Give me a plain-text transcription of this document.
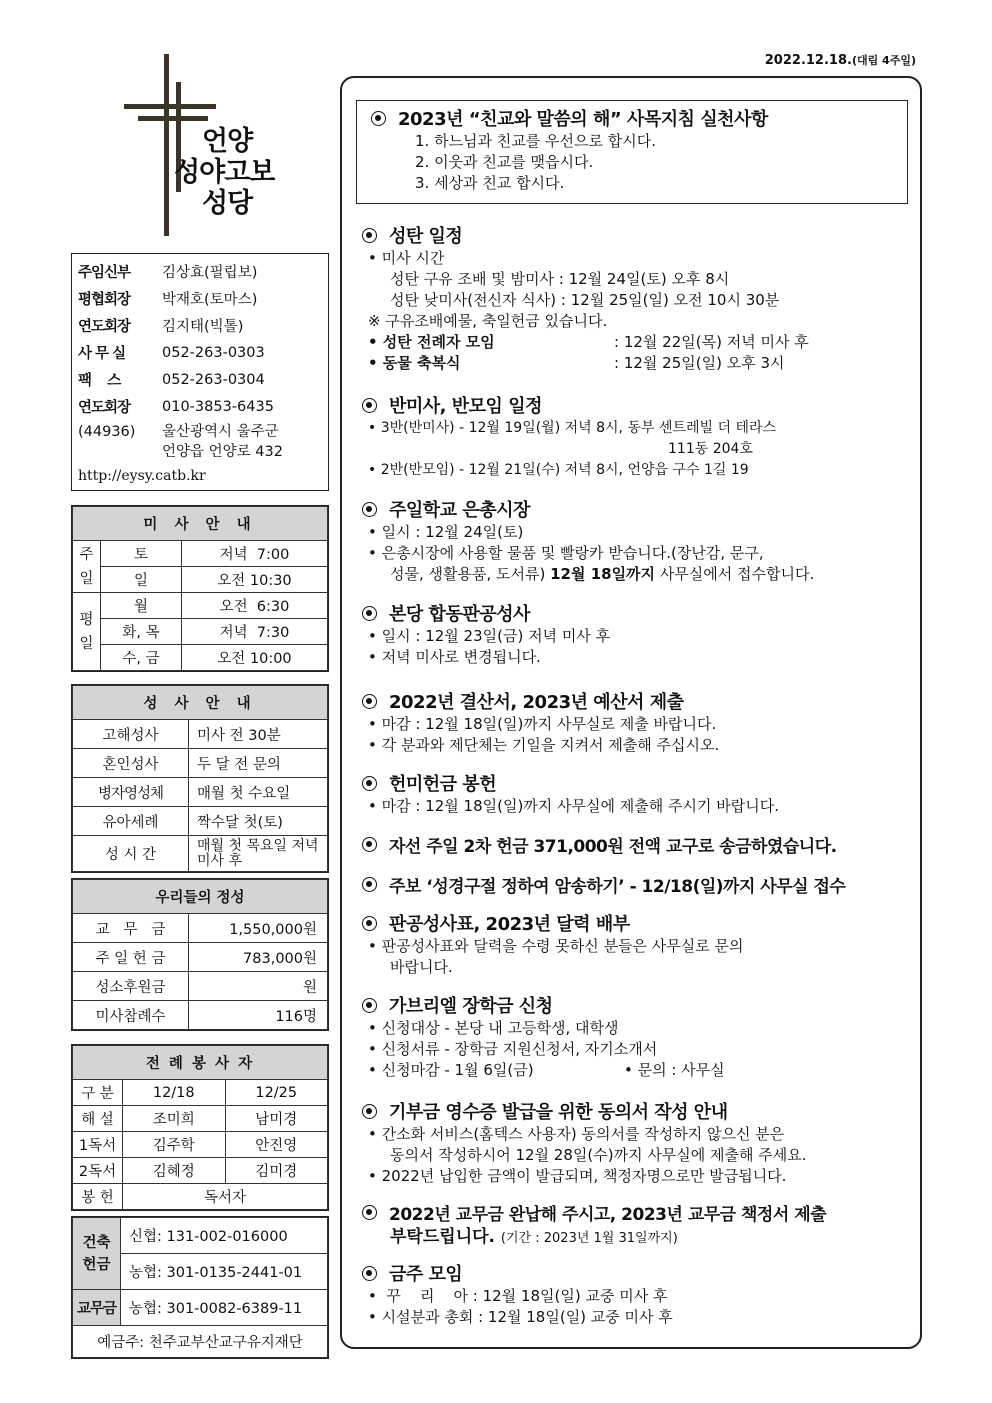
2022.12.18.(대림 4주일)
언양
성야고보
성당
주임신부	김상효(필립보)
평협회장	박재호(토마스)
연도회장	김지태(빅톨)
사 무 실	052-263-0303
팩    스	052-263-0304
연도회장	010-3853-6435
(44936)	울산광역시 울주군
언양읍 언양로 432
http://eysy.catb.kr
미 사 안 내		
주일	토	저녁  7:00
	일	오전 10:30
평일	월	오전  6:30
	화, 목	저녁  7:30
	수, 금	오전 10:00
성 사 안 내	
고해성사	미사 전 30분
혼인성사	두 달 전 문의
병자영성체	매월 첫 수요일
유아세례	짝수달 첫(토)
성 시 간	매월 첫 목요일 저녁미사 후
우리들의 정성	
교   무   금	1,550,000원
주 일 헌 금	783,000원
성소후원금	원
미사참례수	116명
전 례 봉 사 자		
구 분	12/18	12/25
해 설	조미희	남미경
1독서	김주학	안진영
2독서	김혜정	김미경
봉 헌	독서자	
건축헌금	신협: 131-002-016000
	농협: 301-0135-2441-01
교무금	농협: 301-0082-6389-11
예금주: 천주교부산교구유지재단	
2023년 “친교와 말씀의 해” 사목지침 실천사항
1. 하느님과 친교를 우선으로 합시다.
2. 이웃과 친교를 맺읍시다.
3. 세상과 친교 합시다.
성탄 일정
• 미사 시간
성탄 구유 조배 및 밤미사 : 12월 24일(토) 오후 8시
성탄 낮미사(전신자 식사) : 12월 25일(일) 오전 10시 30분
※ 구유조배예물, 축일헌금 있습니다.
• 성탄 전례자 모임	: 12월 22일(목) 저녁 미사 후
• 동물 축복식	: 12월 25일(일) 오후 3시
반미사, 반모임 일정
• 3반(반미사) - 12월 19일(월) 저녁 8시, 동부 센트레빌 더 테라스
111동 204호
• 2반(반모임) - 12월 21일(수) 저녁 8시, 언양읍 구수 1길 19
주일학교 은총시장
• 일시 : 12월 24일(토)
• 은총시장에 사용할 물품 및 빨랑카 받습니다.(장난감, 문구,
성물, 생활용품, 도서류) 12월 18일까지 사무실에서 접수합니다.
본당 합동판공성사
• 일시 : 12월 23일(금) 저녁 미사 후
• 저녁 미사로 변경됩니다.
2022년 결산서, 2023년 예산서 제출
• 마감 : 12월 18일(일)까지 사무실로 제출 바랍니다.
• 각 분과와 제단체는 기일을 지켜서 제출해 주십시오.
헌미헌금 봉헌
• 마감 : 12월 18일(일)까지 사무실에 제출해 주시기 바랍니다.
자선 주일 2차 헌금 371,000원 전액 교구로 송금하였습니다.
주보 ‘성경구절 정하여 암송하기’ - 12/18(일)까지 사무실 접수
판공성사표, 2023년 달력 배부
• 판공성사표와 달력을 수령 못하신 분들은 사무실로 문의
바랍니다.
가브리엘 장학금 신청
• 신청대상 - 본당 내 고등학생, 대학생
• 신청서류 - 장학금 지원신청서, 자기소개서
• 신청마감 - 1월 6일(금)	• 문의 : 사무실
기부금 영수증 발급을 위한 동의서 작성 안내
• 간소화 서비스(홈텍스 사용자) 동의서를 작성하지 않으신 분은
동의서 작성하시어 12월 28일(수)까지 사무실에 제출해 주세요.
• 2022년 납입한 금액이 발급되며, 책정자명으로만 발급됩니다.
2022년 교무금 완납해 주시고, 2023년 교무금 책정서 제출
부탁드립니다. (기간 : 2023년 1월 31일까지)
금주 모임
•  꾸    리    아 : 12월 18일(일) 교중 미사 후
• 시설분과 총회 : 12월 18일(일) 교중 미사 후
